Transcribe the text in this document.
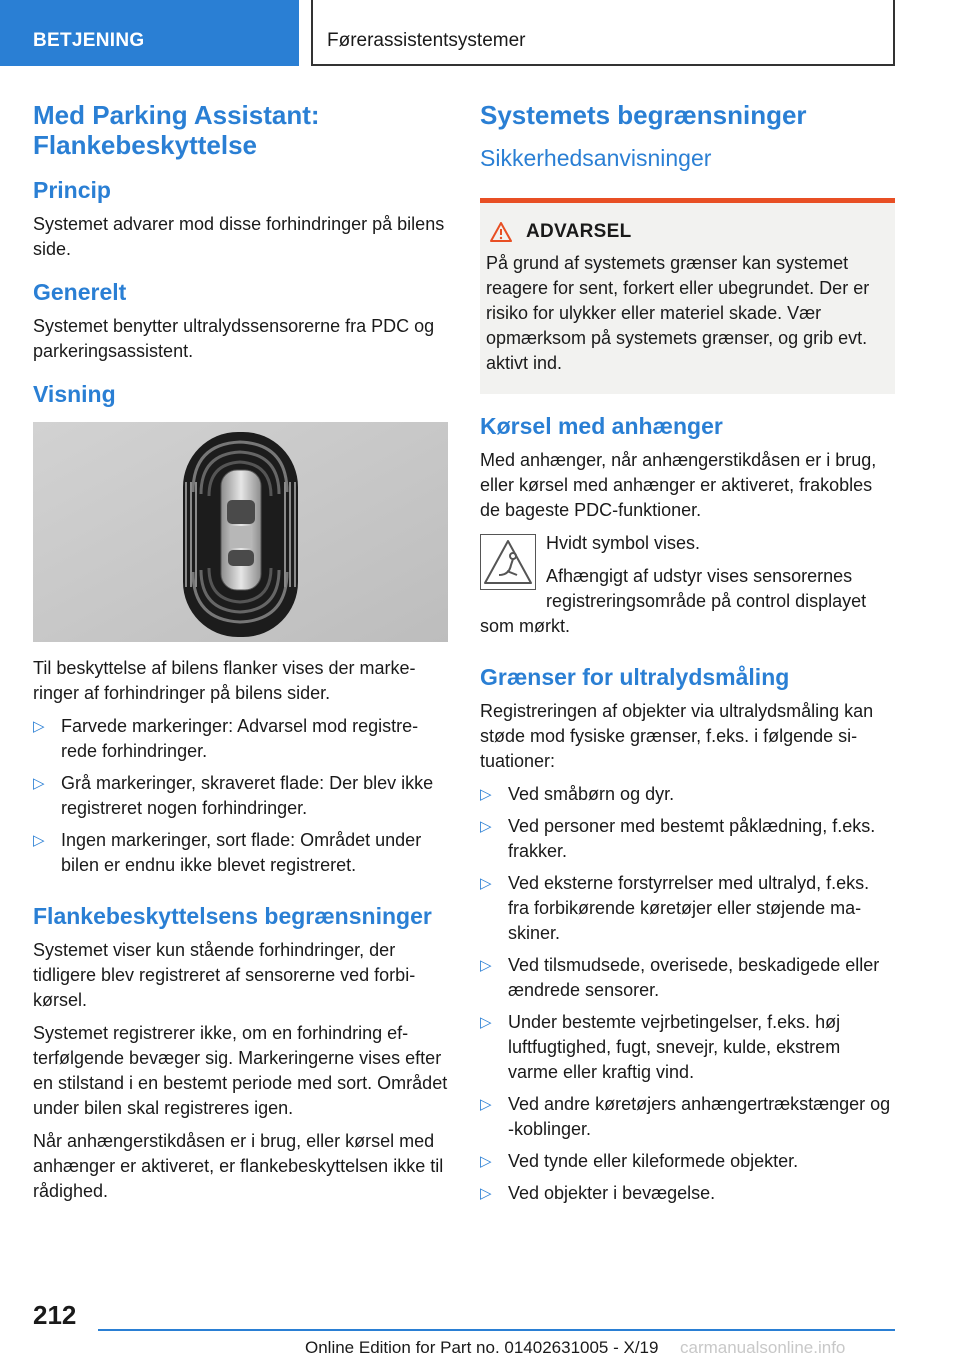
BETJENING	Førerassistentsystemer
Med Parking Assistant: Flankebeskyttelse
Princip

Systemet advarer mod disse forhindringer på bilens side.

Generelt

Systemet benytter ultralydssensorerne fra PDC og parkeringsassistent.

Visning

Til beskyttelse af bilens flanker vises der markeringer af forhindringer på bilens sider.

▷ Farvede markeringer: Advarsel mod registrerede forhindringer.
▷ Grå markeringer, skraveret flade: Der blev ikke registreret nogen forhindringer.
▷ Ingen markeringer, sort flade: Området under bilen er endnu ikke blevet registreret.
Flankebeskyttelsens begrænsninger

Systemet viser kun stående forhindringer, der tidligere blev registreret af sensorerne ved forbikørsel.

Systemet registrerer ikke, om en forhindring efterfølgende bevæger sig. Markeringerne vises efter en stilstand i en bestemt periode med sort. Området under bilen skal registreres igen.

Når anhængerstikdåsen er i brug, eller kørsel med anhænger er aktiveret, er flankebeskyttelsen ikke til rådighed.

Systemets begrænsninger
Sikkerhedsanvisninger
ADVARSEL

På grund af systemets grænser kan systemet reagere for sent, forkert eller ubegrundet. Der er risiko for ulykker eller materiel skade. Vær opmærksom på systemets grænser, og grib evt. aktivt ind.

Kørsel med anhænger

Med anhænger, når anhængerstikdåsen er i brug, eller kørsel med anhænger er aktiveret, frakobles de bageste PDC-funktioner.

Hvidt symbol vises.

Afhængigt af udstyr vises sensorernes registreringsområde på control displayet

som mørkt.

Grænser for ultralydsmåling

Registreringen af objekter via ultralydsmåling kan støde mod fysiske grænser, f.eks. i følgende situationer:

▷ Ved småbørn og dyr.
▷ Ved personer med bestemt påklædning, f.eks. frakker.
▷ Ved eksterne forstyrrelser med ultralyd, f.eks. fra forbikørende køretøjer eller støjende maskiner.
▷ Ved tilsmudsede, overisede, beskadigede eller ændrede sensorer.
▷ Under bestemte vejrbetingelser, f.eks. høj luftfugtighed, fugt, snevejr, kulde, ekstrem varme eller kraftig vind.
▷ Ved andre køretøjers anhængertrækstænger og -koblinger.
▷ Ved tynde eller kileformede objekter.
▷ Ved objekter i bevægelse.
212
Online Edition for Part no. 01402631005 - X/19 carmanualsonline.info
